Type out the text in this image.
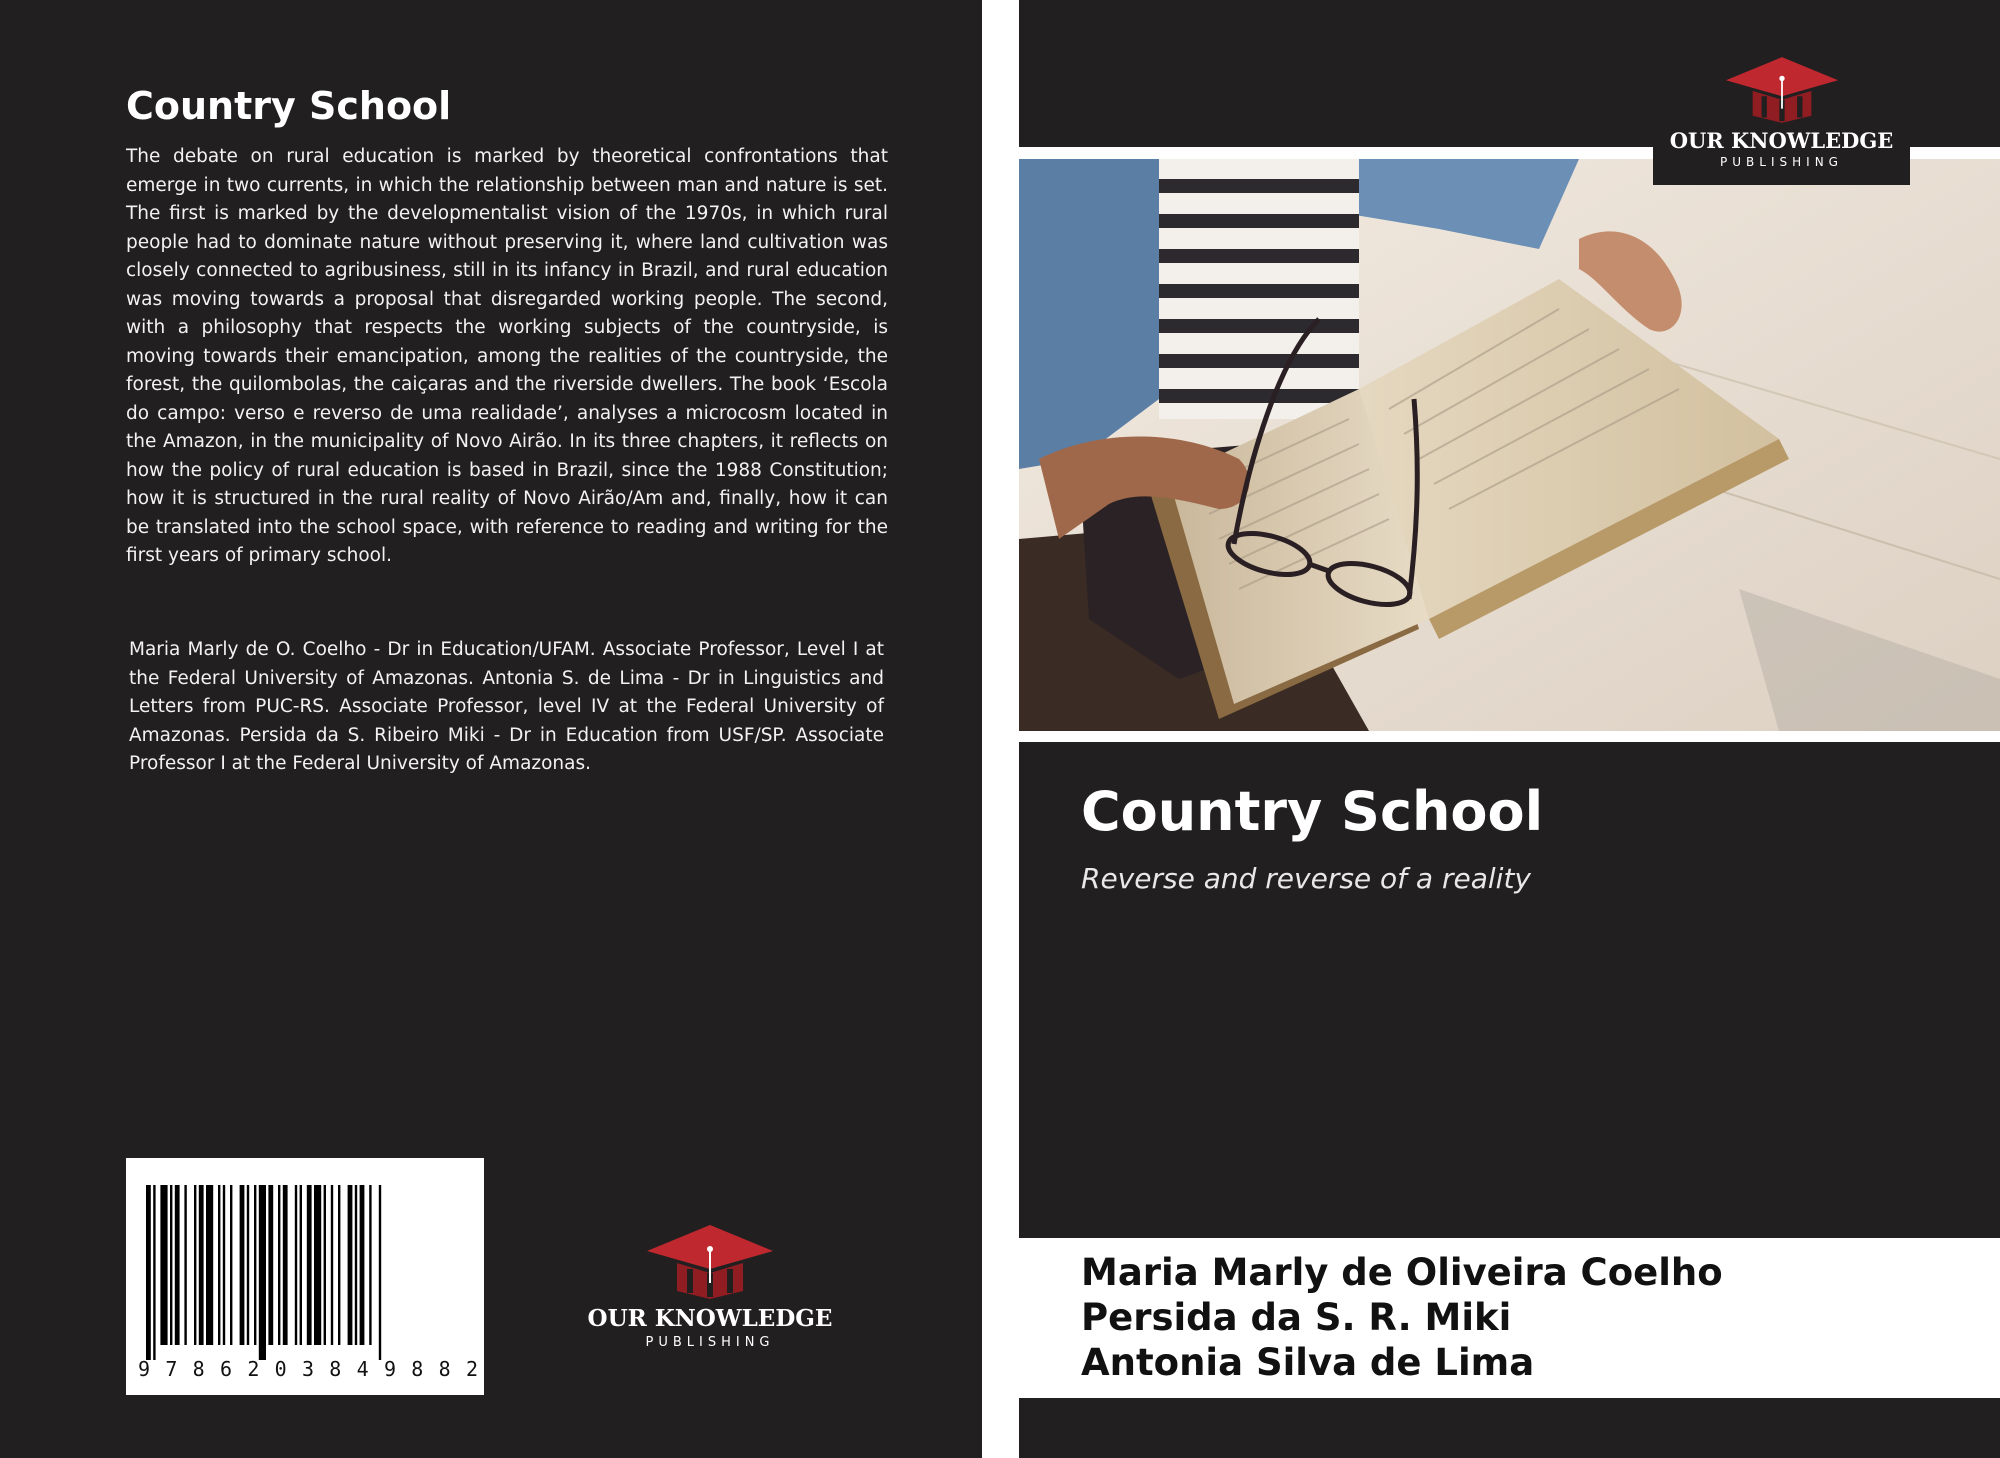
Country School
The debate on rural education is marked by theoretical confrontations that emerge in two currents, in which the relationship between man and nature is set. The first is marked by the developmentalist vision of the 1970s, in which rural people had to dominate nature without preserving it, where land cultivation was closely connected to agribusiness, still in its infancy in Brazil, and rural education was moving towards a proposal that disregarded working people. The second, with a philosophy that respects the working subjects of the countryside, is moving towards their emancipation, among the realities of the countryside, the forest, the quilombolas, the caiçaras and the riverside dwellers. The book ‘Escola do campo: verso e reverso de uma realidade’, analyses a microcosm located in the Amazon, in the municipality of Novo Airão. In its three chapters, it reflects on how the policy of rural education is based in Brazil, since the 1988 Constitution; how it is structured in the rural reality of Novo Airão/Am and, finally, how it can be translated into the school space, with reference to reading and writing for the first years of primary school.
Maria Marly de O. Coelho - Dr in Education/UFAM. Associate Professor, Level I at the Federal University of Amazonas. Antonia S. de Lima - Dr in Linguistics and Letters from PUC-RS. Associate Professor, level IV at the Federal University of Amazonas. Persida da S. Ribeiro Miki - Dr in Education from USF/SP. Associate Professor I at the Federal University of Amazonas.
9 7 8 6 2 0 3 8 4 9 8 8 2
OUR KNOWLEDGE
PUBLISHING
Country School
Reverse and reverse of a reality
Maria Marly de Oliveira Coelho
Persida da S. R. Miki
Antonia Silva de Lima
OUR KNOWLEDGE
PUBLISHING
